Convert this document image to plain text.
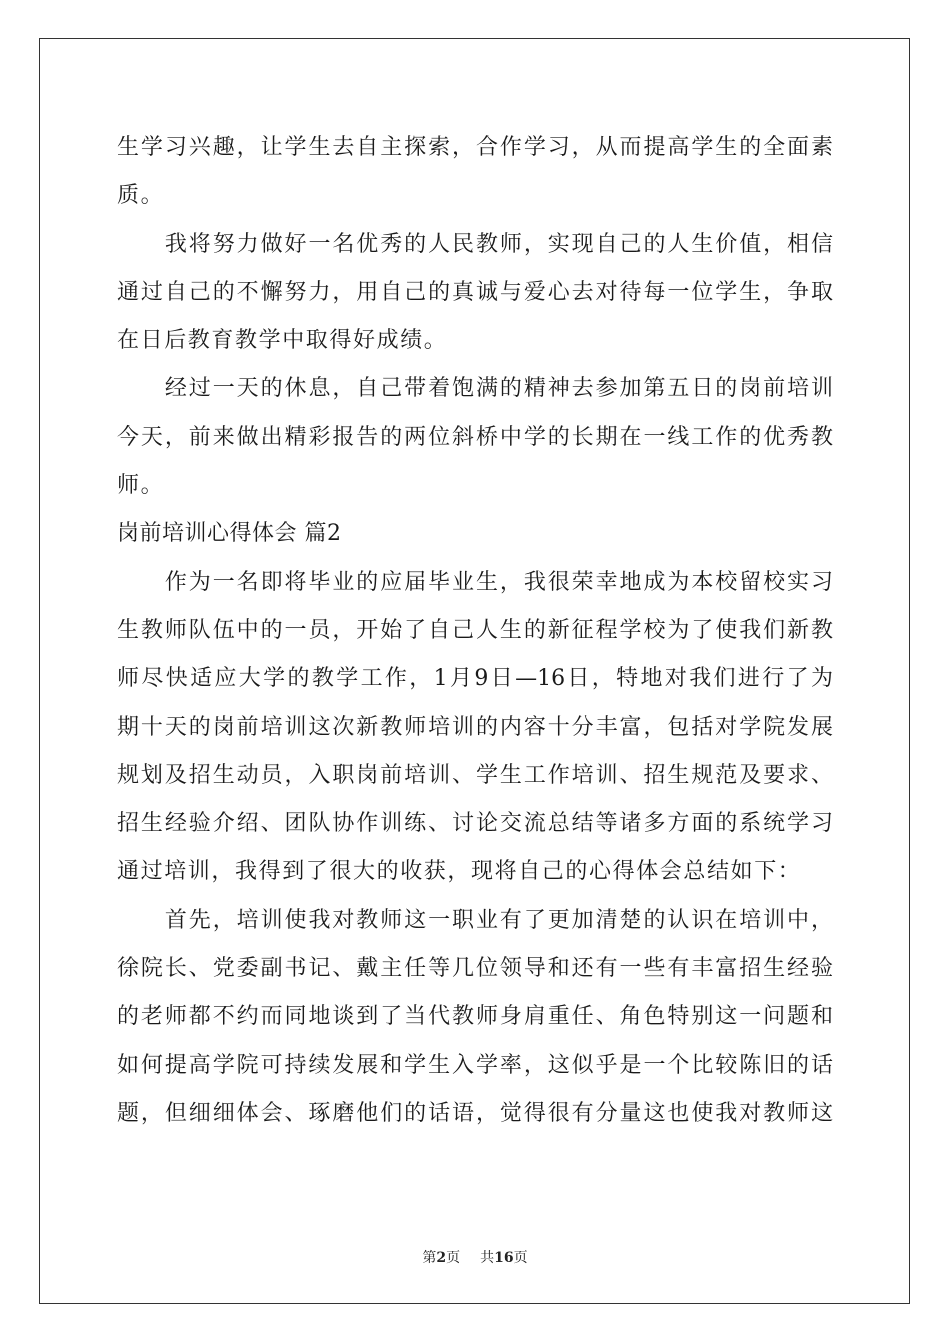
生学习兴趣，让学生去自主探索，合作学习，从而提高学生的全面素
质。
　　我将努力做好一名优秀的人民教师，实现自己的人生价值，相信
通过自己的不懈努力，用自己的真诚与爱心去对待每一位学生，争取
在日后教育教学中取得好成绩。
　　经过一天的休息，自己带着饱满的精神去参加第五日的岗前培训
今天，前来做出精彩报告的两位斜桥中学的长期在一线工作的优秀教
师。
岗前培训心得体会 篇2
　　作为一名即将毕业的应届毕业生，我很荣幸地成为本校留校实习
生教师队伍中的一员，开始了自己人生的新征程学校为了使我们新教
师尽快适应大学的教学工作，1月9日—16日，特地对我们进行了为
期十天的岗前培训这次新教师培训的内容十分丰富，包括对学院发展
规划及招生动员，入职岗前培训、学生工作培训、招生规范及要求、
招生经验介绍、团队协作训练、讨论交流总结等诸多方面的系统学习
通过培训，我得到了很大的收获，现将自己的心得体会总结如下：
　　首先，培训使我对教师这一职业有了更加清楚的认识在培训中，
徐院长、党委副书记、戴主任等几位领导和还有一些有丰富招生经验
的老师都不约而同地谈到了当代教师身肩重任、角色特别这一问题和
如何提高学院可持续发展和学生入学率，这似乎是一个比较陈旧的话
题，但细细体会、琢磨他们的话语，觉得很有分量这也使我对教师这
第2页 共16页
